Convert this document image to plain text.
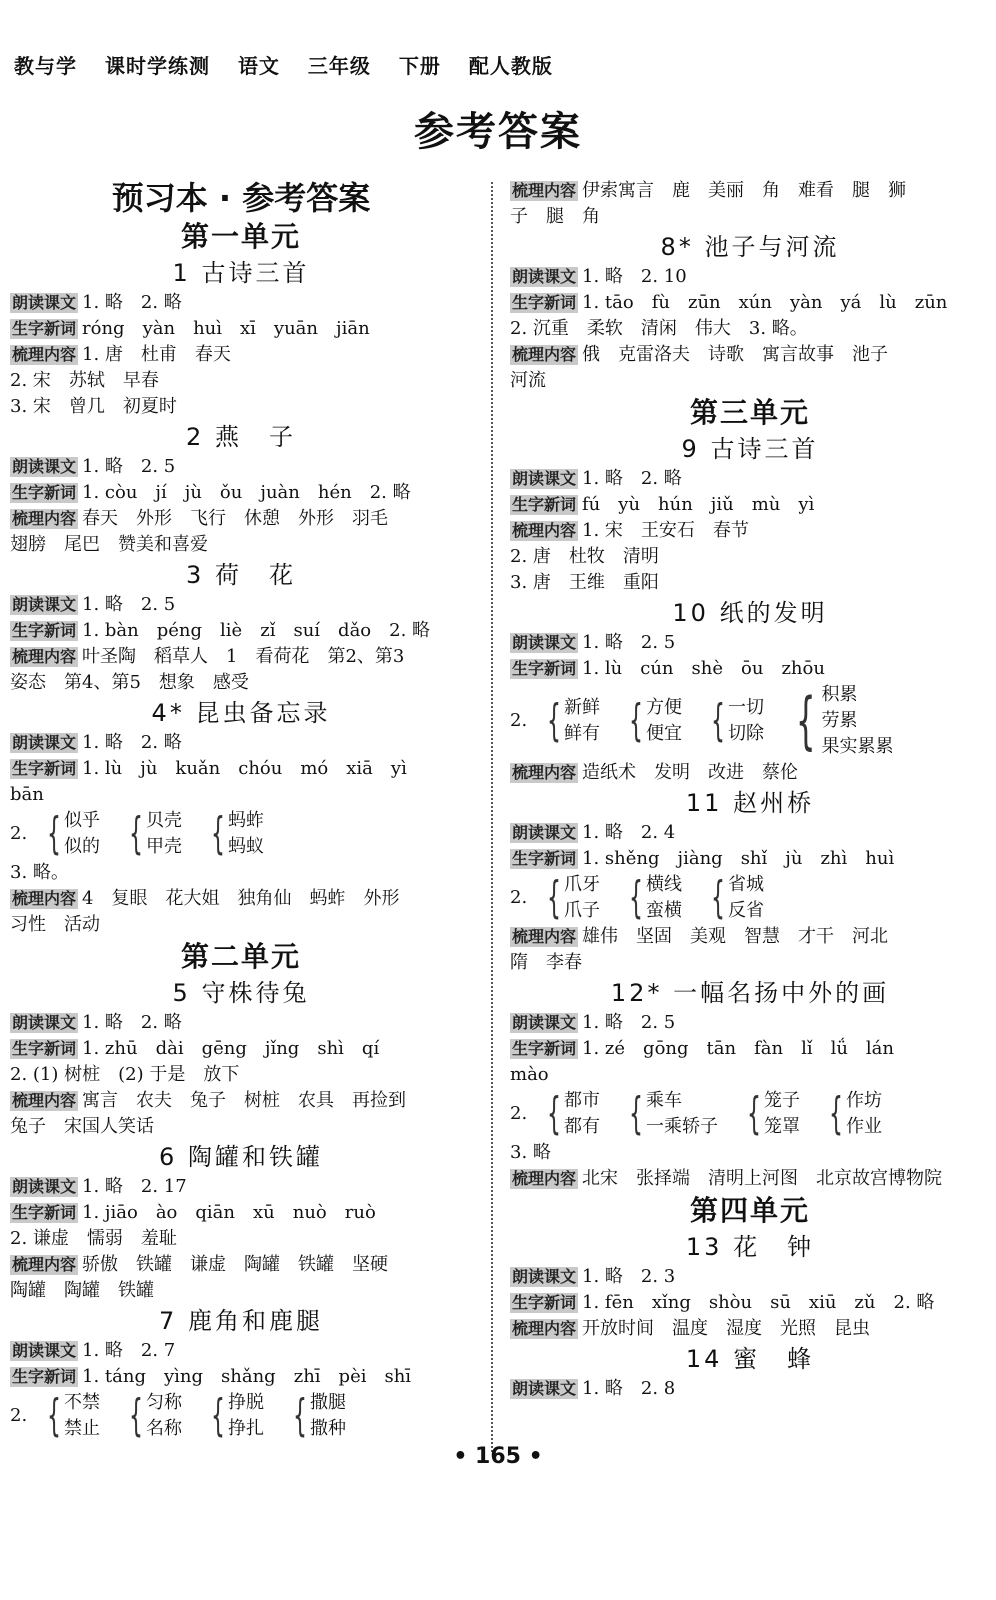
教与学 课时学练测 语文 三年级 下册 配人教版
参考答案
预习本 · 参考答案
第一单元
1 古诗三首
朗读课文 1. 略　2. 略
生字新词 róng　yàn　huì　xī　yuān　jiān
梳理内容 1. 唐　杜甫　春天
2. 宋　苏轼　早春
3. 宋　曾几　初夏时
2 燕　子
朗读课文 1. 略　2. 5
生字新词 1. còu　jí　jù　ǒu　juàn　hén　2. 略
梳理内容 春天　外形　飞行　休憩　外形　羽毛
翅膀　尾巴　赞美和喜爱
3 荷　花
朗读课文 1. 略　2. 5
生字新词 1. bàn　péng　liè　zǐ　suí　dǎo　2. 略
梳理内容 叶圣陶　稻草人　1　看荷花　第2、第3
姿态　第4、第5　想象　感受
4* 昆虫备忘录
朗读课文 1. 略　2. 略
生字新词 1. lù　jù　kuǎn　chóu　mó　xiā　yì
bān
2. { 似乎
似的 { 贝壳
甲壳 { 蚂蚱
蚂蚁
3. 略。
梳理内容 4　复眼　花大姐　独角仙　蚂蚱　外形
习性　活动
第二单元
5 守株待兔
朗读课文 1. 略　2. 略
生字新词 1. zhū　dài　gēng　jǐng　shì　qí
2. (1) 树桩　(2) 于是　放下
梳理内容 寓言　农夫　兔子　树桩　农具　再捡到
兔子　宋国人笑话
6 陶罐和铁罐
朗读课文 1. 略　2. 17
生字新词 1. jiāo　ào　qiān　xū　nuò　ruò
2. 谦虚　懦弱　羞耻
梳理内容 骄傲　铁罐　谦虚　陶罐　铁罐　坚硬
陶罐　陶罐　铁罐
7 鹿角和鹿腿
朗读课文 1. 略　2. 7
生字新词 1. táng　yìng　shǎng　zhī　pèi　shī
2. { 不禁
禁止 { 匀称
名称 { 挣脱
挣扎 { 撒腿
撒种
梳理内容 伊索寓言　鹿　美丽　角　难看　腿　狮
子　腿　角
8* 池子与河流
朗读课文 1. 略　2. 10
生字新词 1. tāo　fù　zūn　xún　yàn　yá　lù　zūn
2. 沉重　柔软　清闲　伟大　3. 略。
梳理内容 俄　克雷洛夫　诗歌　寓言故事　池子
河流
第三单元
9 古诗三首
朗读课文 1. 略　2. 略
生字新词 fú　yù　hún　jiǔ　mù　yì
梳理内容 1. 宋　王安石　春节
2. 唐　杜牧　清明
3. 唐　王维　重阳
10 纸的发明
朗读课文 1. 略　2. 5
生字新词 1. lù　cún　shè　ōu　zhōu
2. { 新鲜
鲜有 { 方便
便宜 { 一切
切除 { 积累
劳累
果实累累
梳理内容 造纸术　发明　改进　蔡伦
11 赵州桥
朗读课文 1. 略　2. 4
生字新词 1. shěng　jiàng　shǐ　jù　zhì　huì
2. { 爪牙
爪子 { 横线
蛮横 { 省城
反省
梳理内容 雄伟　坚固　美观　智慧　才干　河北
隋　李春
12* 一幅名扬中外的画
朗读课文 1. 略　2. 5
生字新词 1. zé　gōng　tān　fàn　lǐ　lǘ　lán
mào
2. { 都市
都有 { 乘车
一乘轿子 { 笼子
笼罩 { 作坊
作业
3. 略
梳理内容 北宋　张择端　清明上河图　北京故宫博物院
第四单元
13 花　钟
朗读课文 1. 略　2. 3
生字新词 1. fēn　xǐng　shòu　sū　xiū　zǔ　2. 略
梳理内容 开放时间　温度　湿度　光照　昆虫
14 蜜　蜂
朗读课文 1. 略　2. 8
• 165 •
